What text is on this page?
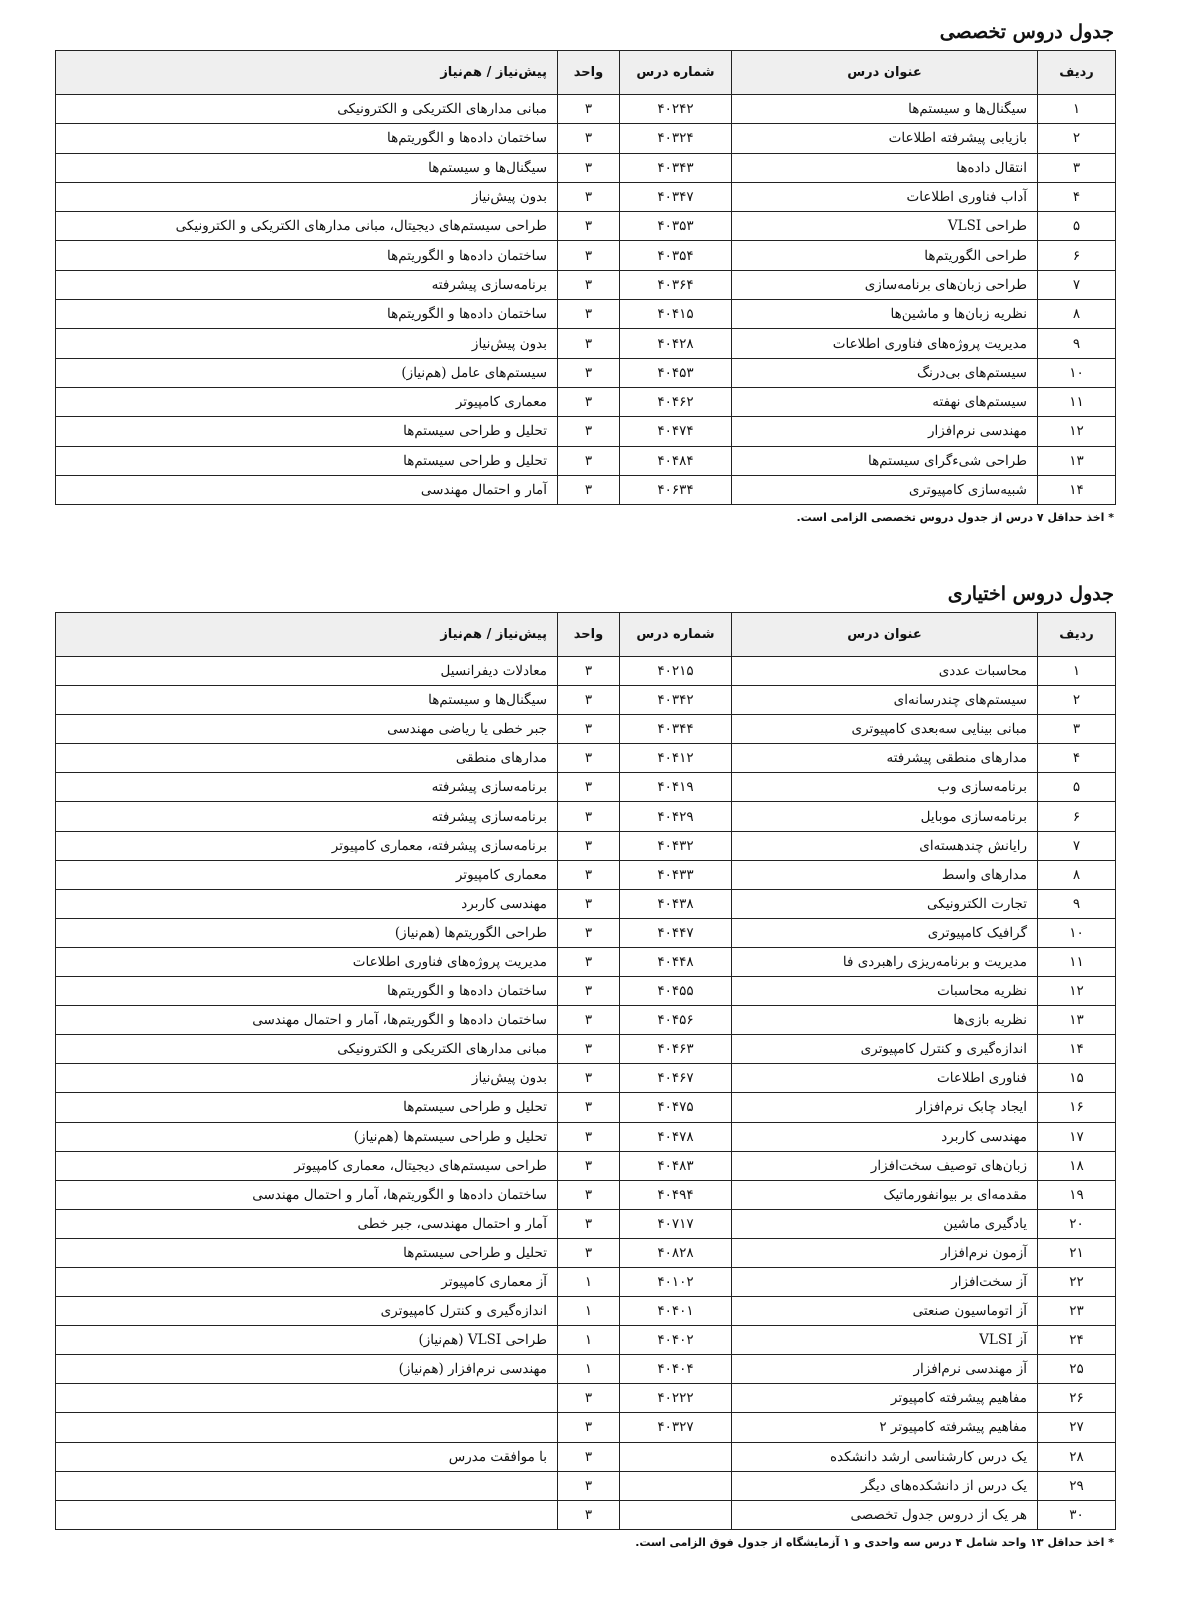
جدول دروس تخصصی
ردیف	عنوان درس	شماره درس	واحد	پیش‌نیاز / هم‌نیاز
۱	سیگنال‌ها و سیستم‌ها	۴۰۲۴۲	۳	مبانی مدارهای الکتریکی و الکترونیکی
۲	بازیابی پیشرفته اطلاعات	۴۰۳۲۴	۳	ساختمان داده‌ها و الگوریتم‌ها
۳	انتقال داده‌ها	۴۰۳۴۳	۳	سیگنال‌ها و سیستم‌ها
۴	آداب فناوری اطلاعات	۴۰۳۴۷	۳	بدون پیش‌نیاز
۵	طراحی VLSI	۴۰۳۵۳	۳	طراحی سیستم‌های دیجیتال، مبانی مدارهای الکتریکی و الکترونیکی
۶	طراحی الگوریتم‌ها	۴۰۳۵۴	۳	ساختمان داده‌ها و الگوریتم‌ها
۷	طراحی زبان‌های برنامه‌سازی	۴۰۳۶۴	۳	برنامه‌سازی پیشرفته
۸	نظریه زبان‌ها و ماشین‌ها	۴۰۴۱۵	۳	ساختمان داده‌ها و الگوریتم‌ها
۹	مدیریت پروژه‌های فناوری اطلاعات	۴۰۴۲۸	۳	بدون پیش‌نیاز
۱۰	سیستم‌های بی‌درنگ	۴۰۴۵۳	۳	سیستم‌های عامل (هم‌نیاز)
۱۱	سیستم‌های نهفته	۴۰۴۶۲	۳	معماری کامپیوتر
۱۲	مهندسی نرم‌افزار	۴۰۴۷۴	۳	تحلیل و طراحی سیستم‌ها
۱۳	طراحی شیء‌گرای سیستم‌ها	۴۰۴۸۴	۳	تحلیل و طراحی سیستم‌ها
۱۴	شبیه‌سازی کامپیوتری	۴۰۶۳۴	۳	آمار و احتمال مهندسی
* اخذ حداقل ۷ درس از جدول دروس تخصصی الزامی است.
جدول دروس اختیاری
ردیف	عنوان درس	شماره درس	واحد	پیش‌نیاز / هم‌نیاز
۱	محاسبات عددی	۴۰۲۱۵	۳	معادلات دیفرانسیل
۲	سیستم‌های چندرسانه‌ای	۴۰۳۴۲	۳	سیگنال‌ها و سیستم‌ها
۳	مبانی بینایی سه‌بعدی کامپیوتری	۴۰۳۴۴	۳	جبر خطی یا ریاضی مهندسی
۴	مدارهای منطقی پیشرفته	۴۰۴۱۲	۳	مدارهای منطقی
۵	برنامه‌سازی وب	۴۰۴۱۹	۳	برنامه‌سازی پیشرفته
۶	برنامه‌سازی موبایل	۴۰۴۲۹	۳	برنامه‌سازی پیشرفته
۷	رایانش چندهسته‌ای	۴۰۴۳۲	۳	برنامه‌سازی پیشرفته، معماری کامپیوتر
۸	مدارهای واسط	۴۰۴۳۳	۳	معماری کامپیوتر
۹	تجارت الکترونیکی	۴۰۴۳۸	۳	مهندسی کاربرد
۱۰	گرافیک کامپیوتری	۴۰۴۴۷	۳	طراحی الگوریتم‌ها (هم‌نیاز)
۱۱	مدیریت و برنامه‌ریزی راهبردی فا	۴۰۴۴۸	۳	مدیریت پروژه‌های فناوری اطلاعات
۱۲	نظریه محاسبات	۴۰۴۵۵	۳	ساختمان داده‌ها و الگوریتم‌ها
۱۳	نظریه بازی‌ها	۴۰۴۵۶	۳	ساختمان داده‌ها و الگوریتم‌ها، آمار و احتمال مهندسی
۱۴	اندازه‌گیری و کنترل کامپیوتری	۴۰۴۶۳	۳	مبانی مدارهای الکتریکی و الکترونیکی
۱۵	فناوری اطلاعات	۴۰۴۶۷	۳	بدون پیش‌نیاز
۱۶	ایجاد چابک نرم‌افزار	۴۰۴۷۵	۳	تحلیل و طراحی سیستم‌ها
۱۷	مهندسی کاربرد	۴۰۴۷۸	۳	تحلیل و طراحی سیستم‌ها (هم‌نیاز)
۱۸	زبان‌های توصیف سخت‌افزار	۴۰۴۸۳	۳	طراحی سیستم‌های دیجیتال، معماری کامپیوتر
۱۹	مقدمه‌ای بر بیوانفورماتیک	۴۰۴۹۴	۳	ساختمان داده‌ها و الگوریتم‌ها، آمار و احتمال مهندسی
۲۰	یادگیری ماشین	۴۰۷۱۷	۳	آمار و احتمال مهندسی، جبر خطی
۲۱	آزمون نرم‌افزار	۴۰۸۲۸	۳	تحلیل و طراحی سیستم‌ها
۲۲	آز سخت‌افزار	۴۰۱۰۲	۱	آز معماری کامپیوتر
۲۳	آز اتوماسیون صنعتی	۴۰۴۰۱	۱	اندازه‌گیری و کنترل کامپیوتری
۲۴	آز VLSI	۴۰۴۰۲	۱	طراحی VLSI (هم‌نیاز)
۲۵	آز مهندسی نرم‌افزار	۴۰۴۰۴	۱	مهندسی نرم‌افزار (هم‌نیاز)
۲۶	مفاهیم پیشرفته کامپیوتر	۴۰۲۲۲	۳	
۲۷	مفاهیم پیشرفته کامپیوتر ۲	۴۰۳۲۷	۳	
۲۸	یک درس کارشناسی ارشد دانشکده		۳	با موافقت مدرس
۲۹	یک درس از دانشکده‌های دیگر		۳	
۳۰	هر یک از دروس جدول تخصصی		۳	
* اخذ حداقل ۱۳ واحد شامل ۴ درس سه واحدی و ۱ آزمایشگاه از جدول فوق الزامی است.
